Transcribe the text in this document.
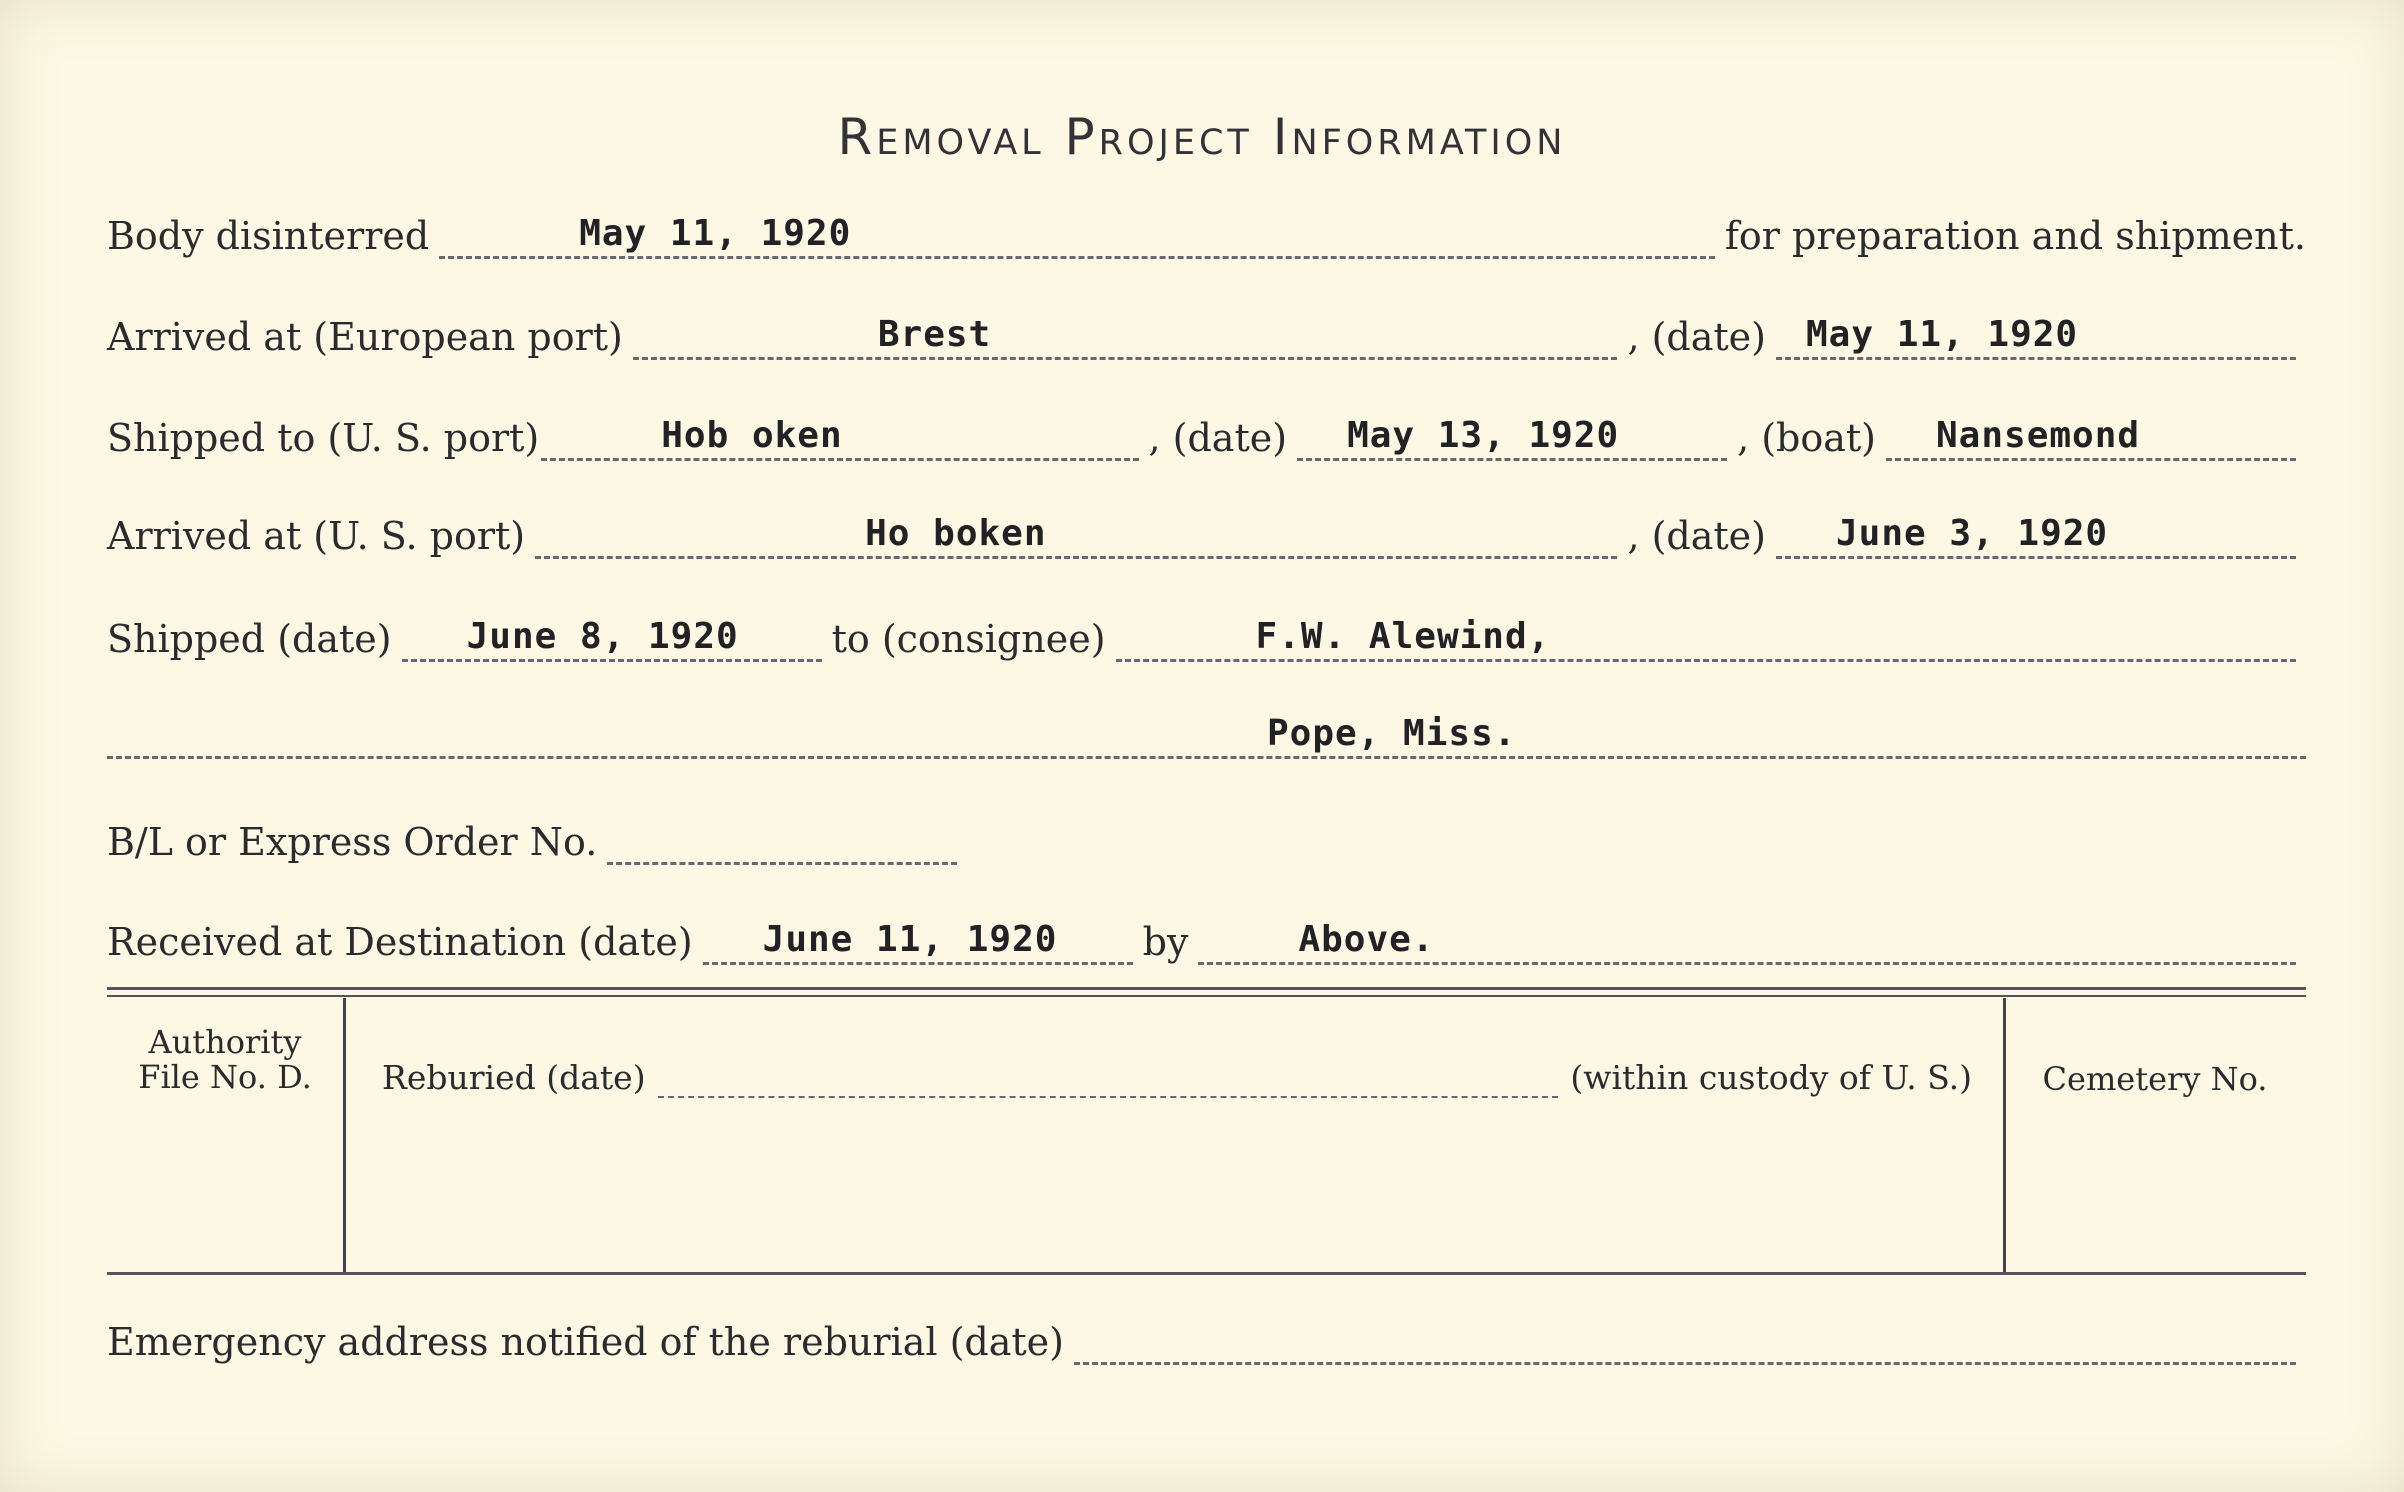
Removal Project Information
Body disinterred	May 11, 1920	for preparation and shipment.
Arrived at (European port)	Brest	, (date) May 11, 1920
Shipped to (U. S. port)	Hob oken	, (date) May 13, 1920	, (boat) Nansemond
Arrived at (U. S. port)	Ho boken	, (date) June 3, 1920
Shipped (date) June 8, 1920 to (consignee)	F.W. Alewind,
Pope, Miss.
B/L or Express Order No.
Received at Destination (date) June 11, 1920 by	Above.
Authority
File No. D.	Reburied (date)	(within custody of U. S.)	Cemetery No.
Emergency address notified of the reburial (date)
